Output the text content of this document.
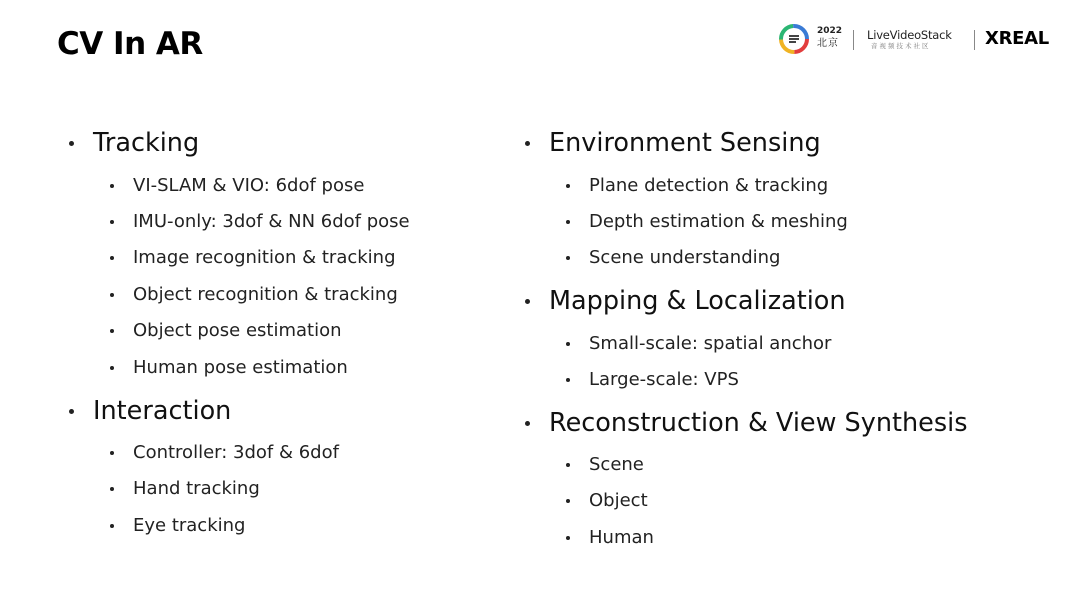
CV In AR	2022
北京
LiveVideoStack
音视频技术社区	XREAL
Tracking
VI-SLAM & VIO: 6dof pose
IMU-only: 3dof & NN 6dof pose
Image recognition & tracking
Object recognition & tracking
Object pose estimation
Human pose estimation
Interaction
Controller: 3dof & 6dof
Hand tracking
Eye tracking
Environment Sensing
Plane detection & tracking
Depth estimation & meshing
Scene understanding
Mapping & Localization
Small-scale: spatial anchor
Large-scale: VPS
Reconstruction & View Synthesis
Scene
Object
Human
